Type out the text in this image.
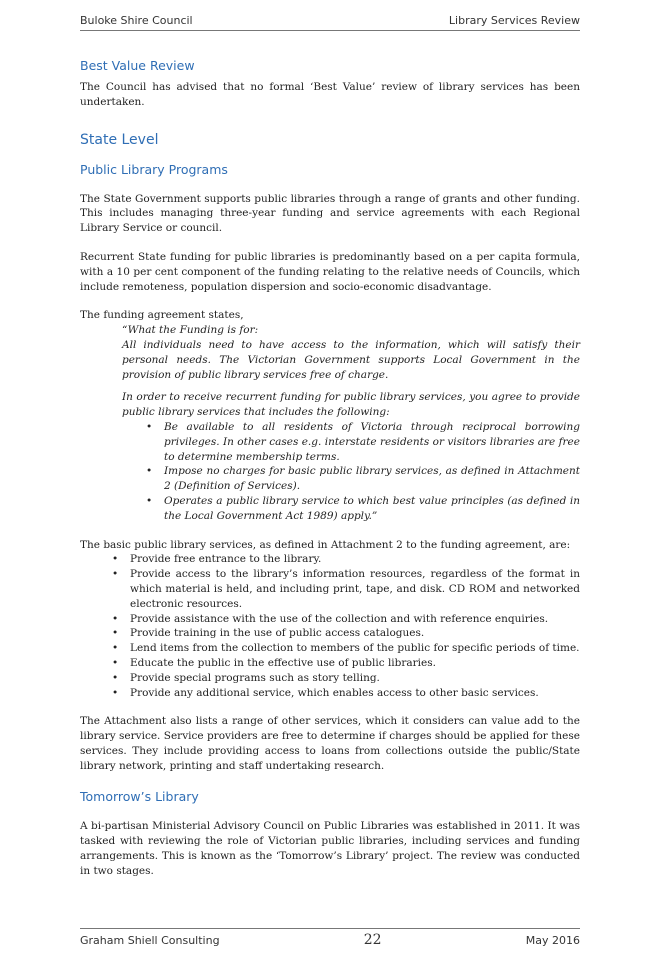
Buloke Shire Council	Library Services Review
Best Value Review

The Council has advised that no formal ‘Best Value’ review of library services has been undertaken.

State Level
Public Library Programs

The State Government supports public libraries through a range of grants and other funding. This includes managing three-year funding and service agreements with each Regional Library Service or council.

Recurrent State funding for public libraries is predominantly based on a per capita formula, with a 10 per cent component of the funding relating to the relative needs of Councils, which include remoteness, population dispersion and socio-economic disadvantage.

The funding agreement states,

“What the Funding is for:

All individuals need to have access to the information, which will satisfy their personal needs. The Victorian Government supports Local Government in the provision of public library services free of charge.

In order to receive recurrent funding for public library services, you agree to provide public library services that includes the following:

• Be available to all residents of Victoria through reciprocal borrowing privileges. In other cases e.g. interstate residents or visitors libraries are free to determine membership terms.
• Impose no charges for basic public library services, as defined in Attachment 2 (Definition of Services).
• Operates a public library service to which best value principles (as defined in the Local Government Act 1989) apply.”

The basic public library services, as defined in Attachment 2 to the funding agreement, are:

• Provide free entrance to the library.
• Provide access to the library’s information resources, regardless of the format in which material is held, and including print, tape, and disk. CD ROM and networked electronic resources.
• Provide assistance with the use of the collection and with reference enquiries.
• Provide training in the use of public access catalogues.
• Lend items from the collection to members of the public for specific periods of time.
• Educate the public in the effective use of public libraries.
• Provide special programs such as story telling.
• Provide any additional service, which enables access to other basic services.

The Attachment also lists a range of other services, which it considers can value add to the library service. Service providers are free to determine if charges should be applied for these services. They include providing access to loans from collections outside the public/State library network, printing and staff undertaking research.

Tomorrow’s Library

A bi-partisan Ministerial Advisory Council on Public Libraries was established in 2011. It was tasked with reviewing the role of Victorian public libraries, including services and funding arrangements. This is known as the ‘Tomorrow’s Library’ project. The review was conducted in two stages.

Graham Shiell Consulting	22	May 2016
